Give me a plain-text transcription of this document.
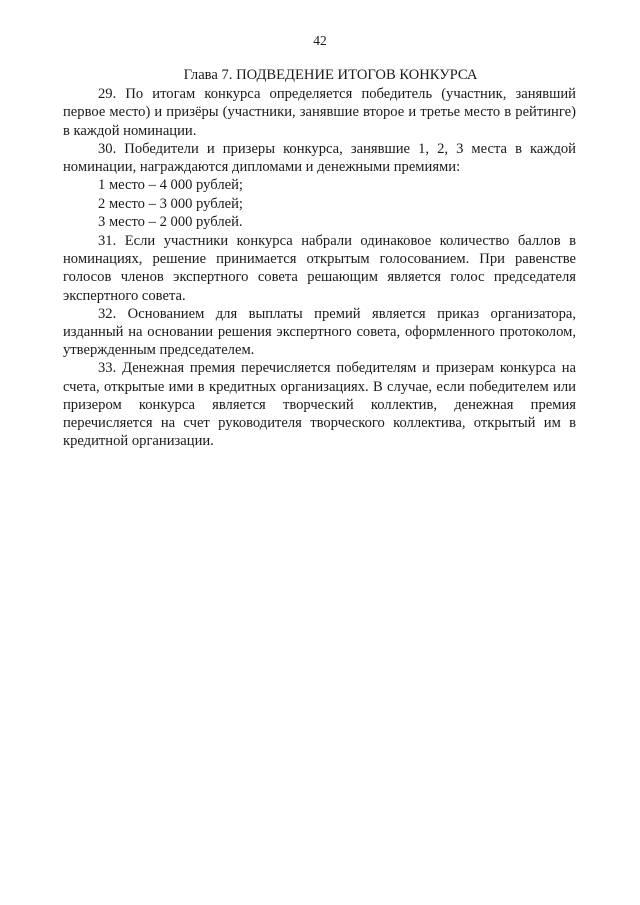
42
Глава 7. ПОДВЕДЕНИЕ ИТОГОВ КОНКУРСА

29. По итогам конкурса определяется победитель (участник, занявший первое место) и призёры (участники, занявшие второе и третье место в рейтинге) в каждой номинации.

30. Победители и призеры конкурса, занявшие 1, 2, 3 места в каждой номинации, награждаются дипломами и денежными премиями:

1 место – 4 000 рублей;
2 место – 3 000 рублей;
3 место – 2 000 рублей.

31. Если участники конкурса набрали одинаковое количество баллов в номинациях, решение принимается открытым голосованием. При равенстве голосов членов экспертного совета решающим является голос председателя экспертного совета.

32. Основанием для выплаты премий является приказ организатора, изданный на основании решения экспертного совета, оформленного протоколом, утвержденным председателем.

33. Денежная премия перечисляется победителям и призерам конкурса на счета, открытые ими в кредитных организациях. В случае, если победителем или призером конкурса является творческий коллектив, денежная премия перечисляется на счет руководителя творческого коллектива, открытый им в кредитной организации.
